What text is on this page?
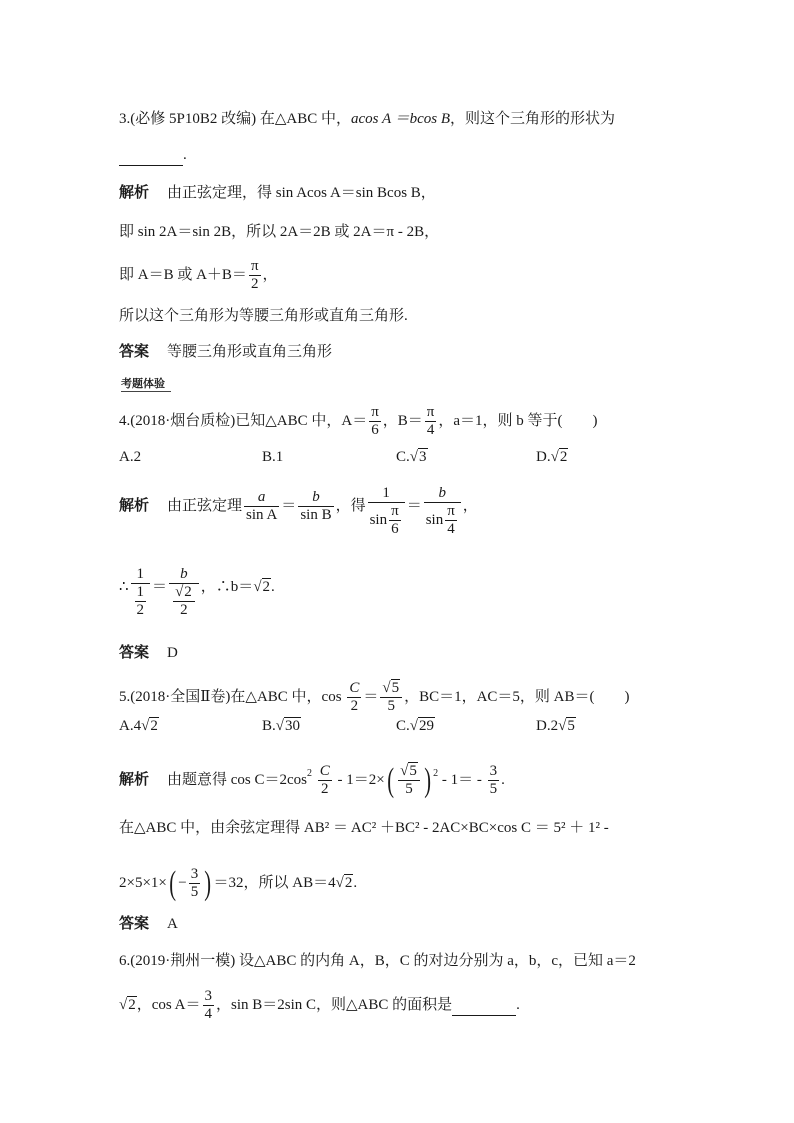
3.(必修 5P10B2 改编) 在△ABC 中，acos A ＝bcos B，则这个三角形的形状为
.
解析 由正弦定理，得 sin Acos A＝sin Bcos B，
即 sin 2A＝sin 2B，所以 2A＝2B 或 2A＝π - 2B，
即 A＝B 或 $A+B= \frac{\pi}{2}$ ，
所以这个三角形为等腰三角形或直角三角形.
答案 等腰三角形或直角三角形
考题体验
4.(2018·烟台质检)已知△ABC 中，$A= \frac{\pi}{6}$ ，$B= \frac{\pi}{4}$ ，a＝1，则 b 等于(　　)
A.2	B.1	C.√3	D.√2
解析 由正弦定理 $\frac{a}{\text{sin A}} = \frac{b}{\text{sin B}}$ ，得 $\frac{1}{\sin \frac{\pi}{6}} = \frac{b}{\sin \frac{\pi}{4}}$ ，
∴ $\frac{1}{\frac{1}{2}} = \frac{b}{\frac{√2}{2}}$ ，∴b＝√2.
答案 D
5.(2018·全国Ⅱ卷)在△ABC 中，$\cos \frac{C}{2} = \frac{√5}{5}$ ，BC＝1，AC＝5，则 AB＝(　　)
A.4√2	B.√30	C.√29	D.2√5
解析 由题意得 $\cos C=2\cos^2 \frac{C}{2} - 1=2\times( \frac{√5}{5}$ ) $^2 - 1= - \frac{3}{5}$ .
在△ABC 中，由余弦定理得 AB² ＝ AC² ＋BC² - 2AC×BC×cos C ＝ 5² ＋ 1² -
$2\times 5\times 1\times( - \frac{3}{5}$ ) ＝32，所以 AB＝4√2.
答案 A
6.(2019·荆州一模) 设△ABC 的内角 A，B，C 的对边分别为 a，b，c，已知 a＝2
√2，$\cos A= \frac{3}{4}$ ，sin B＝2sin C，则△ABC 的面积是	.
